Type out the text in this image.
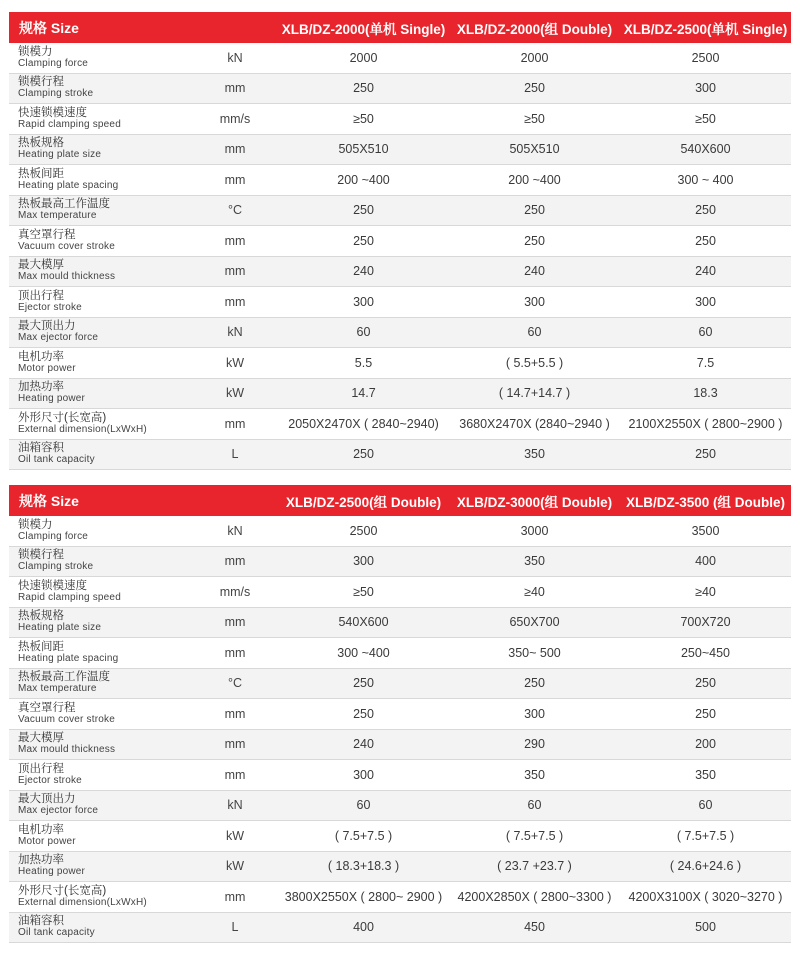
规格 Size		XLB/DZ-2000(单机 Single)	XLB/DZ-2000(组 Double)	XLB/DZ-2500(单机 Single)

锁模力
Clamping force	kN	2000	2000	2500

锁模行程
Clamping stroke	mm	250	250	300

快速锁模速度
Rapid clamping speed	mm/s	≥50	≥50	≥50

热板规格
Heating plate size	mm	505X510	505X510	540X600

热板间距
Heating plate spacing	mm	200 ~400	200 ~400	300 ~ 400

热板最高工作温度
Max temperature	°C	250	250	250

真空罩行程
Vacuum cover stroke	mm	250	250	250

最大模厚
Max mould thickness	mm	240	240	240

顶出行程
Ejector stroke	mm	300	300	300

最大顶出力
Max ejector force	kN	60	60	60

电机功率
Motor power	kW	5.5	( 5.5+5.5 )	7.5

加热功率
Heating power	kW	14.7	( 14.7+14.7 )	18.3

外形尺寸(长宽高)
External dimension(LxWxH)	mm	2050X2470X ( 2840~2940)	3680X2470X (2840~2940 )	2100X2550X ( 2800~2900 )

油箱容积
Oil tank capacity	L	250	350	250
规格 Size		XLB/DZ-2500(组 Double)	XLB/DZ-3000(组 Double)	XLB/DZ-3500 (组 Double)

锁模力
Clamping force	kN	2500	3000	3500

锁模行程
Clamping stroke	mm	300	350	400

快速锁模速度
Rapid clamping speed	mm/s	≥50	≥40	≥40

热板规格
Heating plate size	mm	540X600	650X700	700X720

热板间距
Heating plate spacing	mm	300 ~400	350~ 500	250~450

热板最高工作温度
Max temperature	°C	250	250	250

真空罩行程
Vacuum cover stroke	mm	250	300	250

最大模厚
Max mould thickness	mm	240	290	200

顶出行程
Ejector stroke	mm	300	350	350

最大顶出力
Max ejector force	kN	60	60	60

电机功率
Motor power	kW	( 7.5+7.5 )	( 7.5+7.5 )	( 7.5+7.5 )

加热功率
Heating power	kW	( 18.3+18.3 )	( 23.7 +23.7 )	( 24.6+24.6 )

外形尺寸(长宽高)
External dimension(LxWxH)	mm	3800X2550X ( 2800~ 2900 )	4200X2850X ( 2800~3300 )	4200X3100X ( 3020~3270 )

油箱容积
Oil tank capacity	L	400	450	500
